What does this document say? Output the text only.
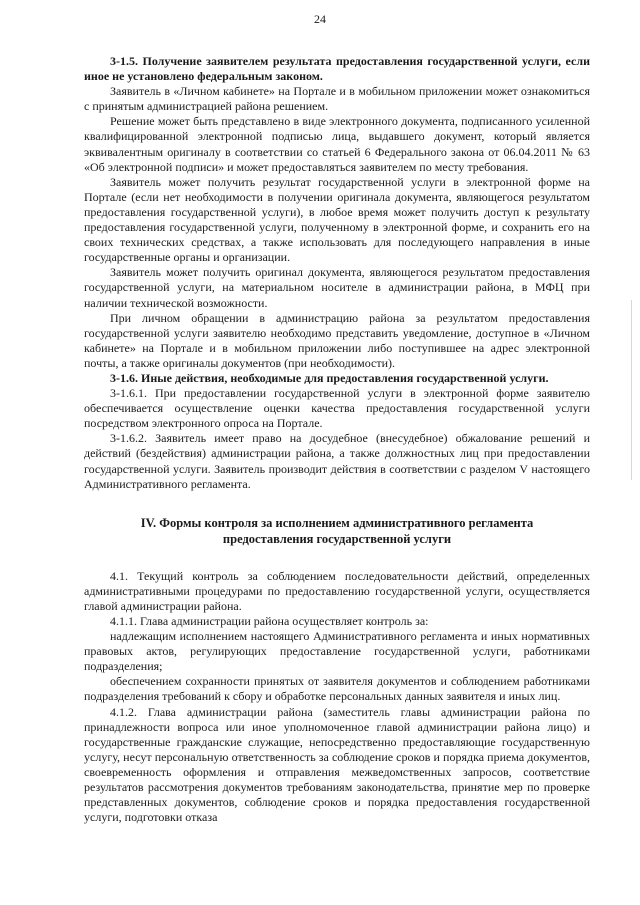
24

3-1.5. Получение заявителем результата предоставления государственной услуги, если иное не установлено федеральным законом.

Заявитель в «Личном кабинете» на Портале и в мобильном приложении может ознакомиться с принятым администрацией района решением.

Решение может быть представлено в виде электронного документа, подписанного усиленной квалифицированной электронной подписью лица, выдавшего документ, который является эквивалентным оригиналу в соответствии со статьей 6 Федерального закона от 06.04.2011 № 63 «Об электронной подписи» и может предоставляться заявителем по месту требования.

Заявитель может получить результат государственной услуги в электронной форме на Портале (если нет необходимости в получении оригинала документа, являющегося результатом предоставления государственной услуги), в любое время может получить доступ к результату предоставления государственной услуги, полученному в электронной форме, и сохранить его на своих технических средствах, а также использовать для последующего направления в иные государственные органы и организации.

Заявитель может получить оригинал документа, являющегося результатом предоставления государственной услуги, на материальном носителе в администрации района, в МФЦ при наличии технической возможности.

При личном обращении в администрацию района за результатом предоставления государственной услуги заявителю необходимо представить уведомление, доступное в «Личном кабинете» на Портале и в мобильном приложении либо поступившее на адрес электронной почты, а также оригиналы документов (при необходимости).

3-1.6. Иные действия, необходимые для предоставления государственной услуги.

3-1.6.1. При предоставлении государственной услуги в электронной форме заявителю обеспечивается осуществление оценки качества предоставления государственной услуги посредством электронного опроса на Портале.

3-1.6.2. Заявитель имеет право на досудебное (внесудебное) обжалование решений и действий (бездействия) администрации района, а также должностных лиц при предоставлении государственной услуги. Заявитель производит действия в соответствии с разделом V настоящего Административного регламента.

IV. Формы контроля за исполнением административного регламента
предоставления государственной услуги

4.1. Текущий контроль за соблюдением последовательности действий, определенных административными процедурами по предоставлению государственной услуги, осуществляется главой администрации района.

4.1.1. Глава администрации района осуществляет контроль за:

надлежащим исполнением настоящего Административного регламента и иных нормативных правовых актов, регулирующих предоставление государственной услуги, работниками подразделения;

обеспечением сохранности принятых от заявителя документов и соблюдением работниками подразделения требований к сбору и обработке персональных данных заявителя и иных лиц.

4.1.2. Глава администрации района (заместитель главы администрации района по принадлежности вопроса или иное уполномоченное главой администрации района лицо) и государственные гражданские служащие, непосредственно предоставляющие государственную услугу, несут персональную ответственность за соблюдение сроков и порядка приема документов, своевременность оформления и отправления межведомственных запросов, соответствие результатов рассмотрения документов требованиям законодательства, принятие мер по проверке представленных документов, соблюдение сроков и порядка предоставления государственной услуги, подготовки отказа
